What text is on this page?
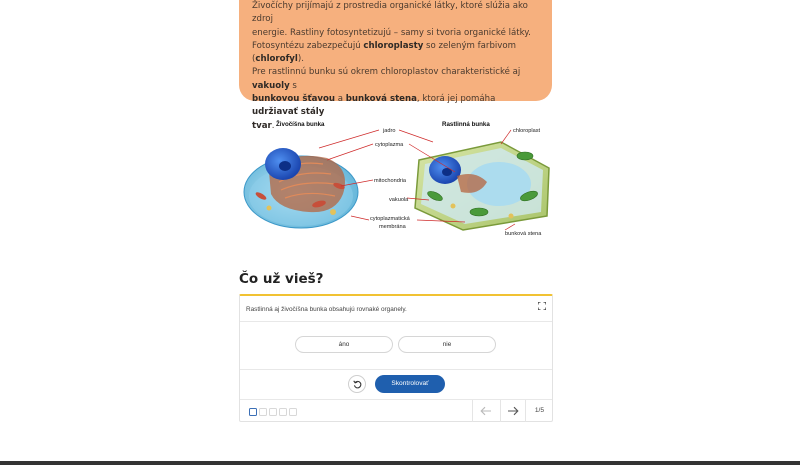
Živočíchy prijímajú z prostredia organické látky, ktoré slúžia ako zdroj
energie. Rastliny fotosyntetizujú – samy si tvoria organické látky.
Fotosyntézu zabezpečujú chloroplasty so zeleným farbivom (chlorofyl).
Pre rastlinnú bunku sú okrem chloroplastov charakteristické aj vakuoly s
bunkovou šťavou a bunková stena, ktorá jej pomáha udržiavať stály
tvar. Živočíšna bunka	Rastlinná bunka
jadro
cytoplazma
mitochondria
vakuola
cytoplazmatická
membrána
chloroplast
bunková stena
Čo už vieš?
Rastlinná aj živočíšna bunka obsahujú rovnaké organely.
áno	nie
Skontrolovať
1/5
